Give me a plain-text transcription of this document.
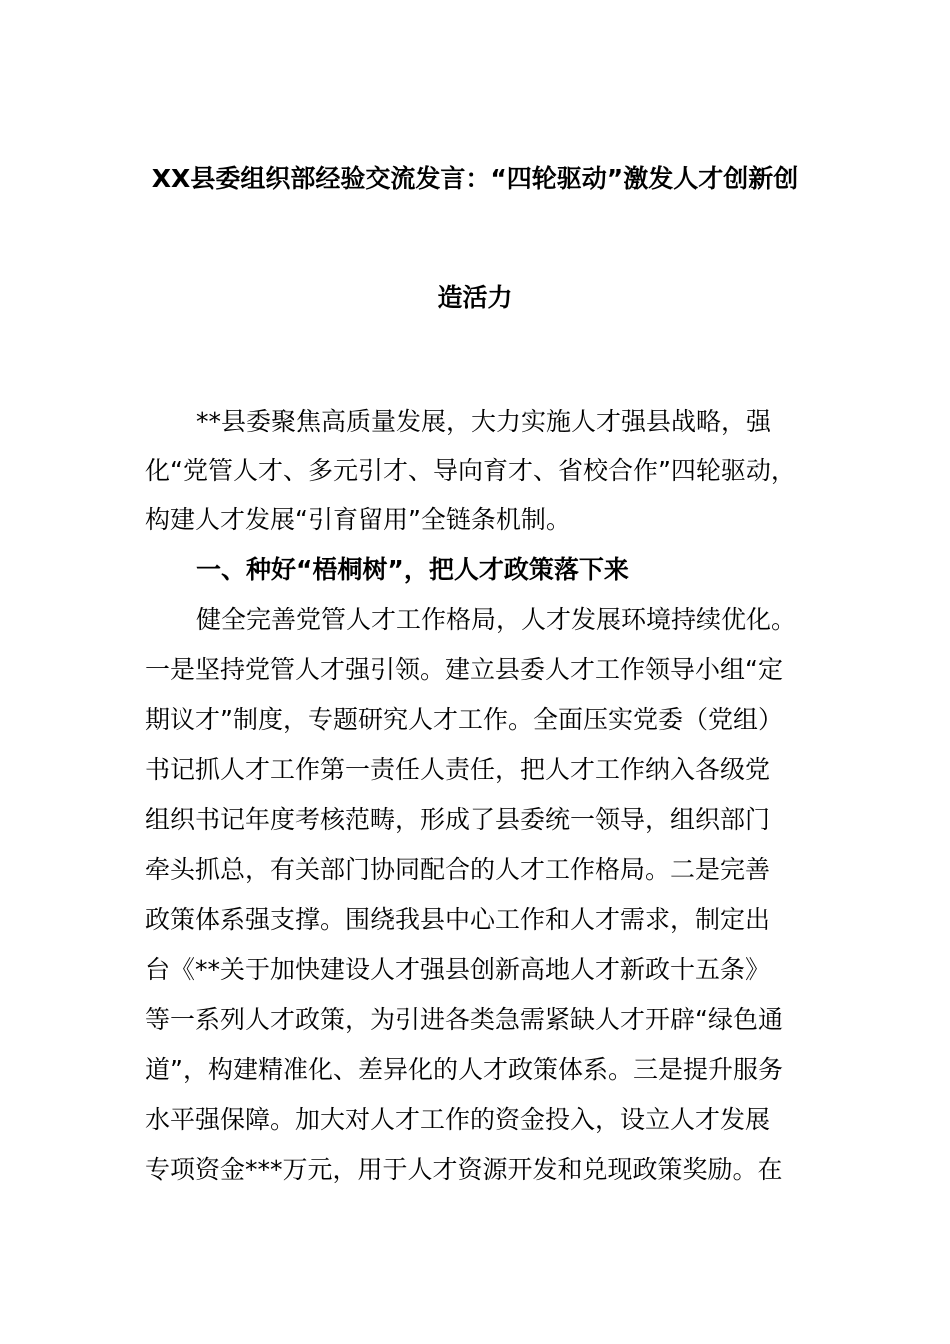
XX县委组织部经验交流发言：“四轮驱动”激发人才创新创
造活力
**县委聚焦高质量发展，大力实施人才强县战略，强
化“党管人才、多元引才、导向育才、省校合作”四轮驱动，
构建人才发展“引育留用”全链条机制。
一、种好“梧桐树”，把人才政策落下来
健全完善党管人才工作格局，人才发展环境持续优化。
一是坚持党管人才强引领。建立县委人才工作领导小组“定
期议才”制度，专题研究人才工作。全面压实党委（党组）
书记抓人才工作第一责任人责任，把人才工作纳入各级党
组织书记年度考核范畴，形成了县委统一领导，组织部门
牵头抓总，有关部门协同配合的人才工作格局。二是完善
政策体系强支撑。围绕我县中心工作和人才需求，制定出
台《**关于加快建设人才强县创新高地人才新政十五条》
等一系列人才政策，为引进各类急需紧缺人才开辟“绿色通
道”，构建精准化、差异化的人才政策体系。三是提升服务
水平强保障。加大对人才工作的资金投入，设立人才发展
专项资金***万元，用于人才资源开发和兑现政策奖励。在
